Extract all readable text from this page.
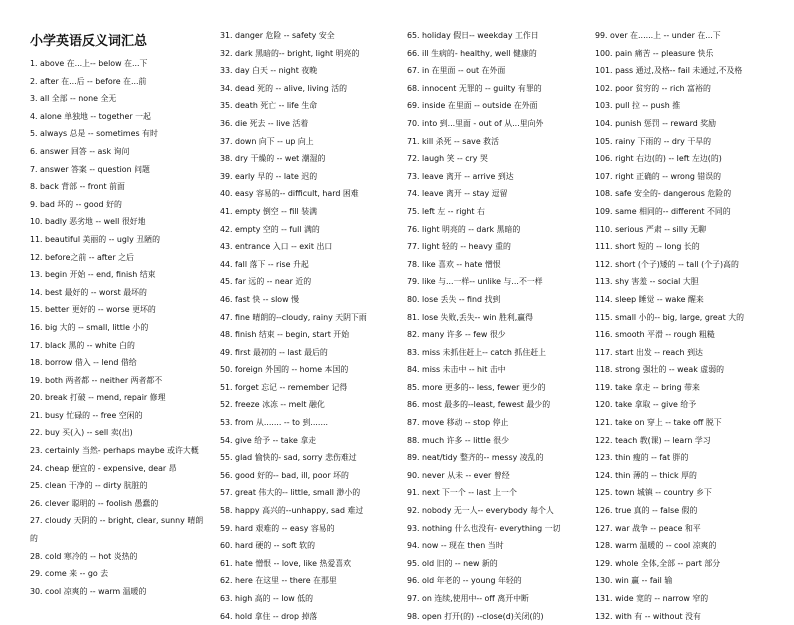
小学英语反义词汇总
1. above 在...上-- below 在...下
2. after 在...后 -- before 在...前
3. all 全部 -- none 全无
4. alone 单独地 -- together 一起
5. always 总是 -- sometimes 有时
6. answer 回答 -- ask 询问
7. answer 答案 -- question 问题
8. back 背部 -- front 前面
9. bad 坏的 -- good 好的
10. badly 恶劣地 -- well 很好地
11. beautiful 美丽的 -- ugly 丑陋的
12. before之前 -- after 之后
13. begin 开始 -- end, finish 结束
14. best 最好的 -- worst 最坏的
15. better 更好的 -- worse 更坏的
16. big 大的 -- small, little 小的
17. black 黑的 -- white 白的
18. borrow 借入 -- lend 借给
19. both 两者都 -- neither 两者都不
20. break 打破 -- mend, repair 修理
21. busy 忙碌的 -- free 空闲的
22. buy 买(入) -- sell 卖(出)
23. certainly 当然- perhaps maybe 或许大概
24. cheap 便宜的 - expensive, dear 昂
25. clean 干净的 -- dirty 肮脏的
26. clever 聪明的 -- foolish 愚蠢的
27. cloudy 天阴的 -- bright, clear, sunny 晴朗的
28. cold 寒冷的 -- hot 炎热的
29. come 来 -- go 去
30. cool 凉爽的 -- warm 温暖的
31. danger 危险 -- safety 安全
32. dark 黑暗的-- bright, light 明亮的
33. day 白天 -- night 夜晚
34. dead 死的 -- alive, living 活的
35. death 死亡 -- life 生命
36. die 死去 -- live 活着
37. down 向下 -- up 向上
38. dry 干燥的 -- wet 潮湿的
39. early 早的 -- late 迟的
40. easy 容易的-- difficult, hard 困难
41. empty 倒空 -- fill 装满
42. empty 空的 -- full 满的
43. entrance 入口 -- exit 出口
44. fall 落下 -- rise 升起
45. far 远的 -- near 近的
46. fast 快 -- slow 慢
47. fine 晴朗的--cloudy, rainy 天阴下雨
48. finish 结束 -- begin, start 开始
49. first 最初的 -- last 最后的
50. foreign 外国的 -- home 本国的
51. forget 忘记 -- remember 记得
52. freeze 冰冻 -- melt 融化
53. from 从....... -- to 到.......
54. give 给予 -- take 拿走
55. glad 愉快的- sad, sorry 悲伤难过
56. good 好的-- bad, ill, poor 坏的
57. great 伟大的-- little, small 渺小的
58. happy 高兴的--unhappy, sad 难过
59. hard 艰难的 -- easy 容易的
60. hard 硬的 -- soft 软的
61. hate 憎恨 -- love, like 热爱喜欢
62. here 在这里 -- there 在那里
63. high 高的 -- low 低的
64. hold 拿住 -- drop 掉落
65. holiday 假日-- weekday 工作日
66. ill 生病的- healthy, well 健康的
67. in 在里面 -- out 在外面
68. innocent 无罪的 -- guilty 有罪的
69. inside 在里面 -- outside 在外面
70. into 到...里面 - out of 从...里向外
71. kill 杀死 -- save 救活
72. laugh 笑 -- cry 哭
73. leave 离开 -- arrive 到达
74. leave 离开 -- stay 逗留
75. left 左 -- right 右
76. light 明亮的 -- dark 黑暗的
77. light 轻的 -- heavy 重的
78. like 喜欢 -- hate 憎恨
79. like 与...一样-- unlike 与...不一样
80. lose 丢失 -- find 找到
81. lose 失败,丢失-- win 胜利,赢得
82. many 许多 -- few 很少
83. miss 未抓住赶上-- catch 抓住赶上
84. miss 未击中 -- hit 击中
85. more 更多的-- less, fewer 更少的
86. most 最多的--least, fewest 最少的
87. move 移动 -- stop 停止
88. much 许多 -- little 很少
89. neat/tidy 整齐的-- messy 凌乱的
90. never 从未 -- ever 曾经
91. next 下一个 -- last 上一个
92. nobody 无一人-- everybody 每个人
93. nothing 什么也没有- everything 一切
94. now -- 现在 then 当时
95. old 旧的 -- new 新的
96. old 年老的 -- young 年轻的
97. on 连续,使用中-- off 离开中断
98. open 打开(的) --close(d)关闭(的)
99. over 在......上 -- under 在...下
100. pain 痛苦 -- pleasure 快乐
101. pass 通过,及格-- fail 未通过,不及格
102. poor 贫穷的 -- rich 富裕的
103. pull 拉 -- push 推
104. punish 惩罚 -- reward 奖励
105. rainy 下雨的 -- dry 干旱的
106. right 右边(的) -- left 左边(的)
107. right 正确的 -- wrong 错误的
108. safe 安全的- dangerous 危险的
109. same 相同的-- different 不同的
110. serious 严肃 -- silly 无聊
111. short 短的 -- long 长的
112. short (个子)矮的 -- tall (个子)高的
113. shy 害羞 -- social 大胆
114. sleep 睡觉 -- wake 醒来
115. small 小的-- big, large, great 大的
116. smooth 平滑 -- rough 粗糙
117. start 出发 -- reach 到达
118. strong 强壮的 -- weak 虚弱的
119. take 拿走 -- bring 带来
120. take 拿取 -- give 给予
121. take on 穿上 -- take off 脱下
122. teach 教(课) -- learn 学习
123. thin 瘦的 -- fat 胖的
124. thin 薄的 -- thick 厚的
125. town 城镇 -- country 乡下
126. true 真的 -- false 假的
127. war 战争 -- peace 和平
128. warm 温暖的 -- cool 凉爽的
129. whole 全体,全部 -- part 部分
130. win 赢 -- fail 输
131. wide 宽的 -- narrow 窄的
132. with 有 -- without 没有
